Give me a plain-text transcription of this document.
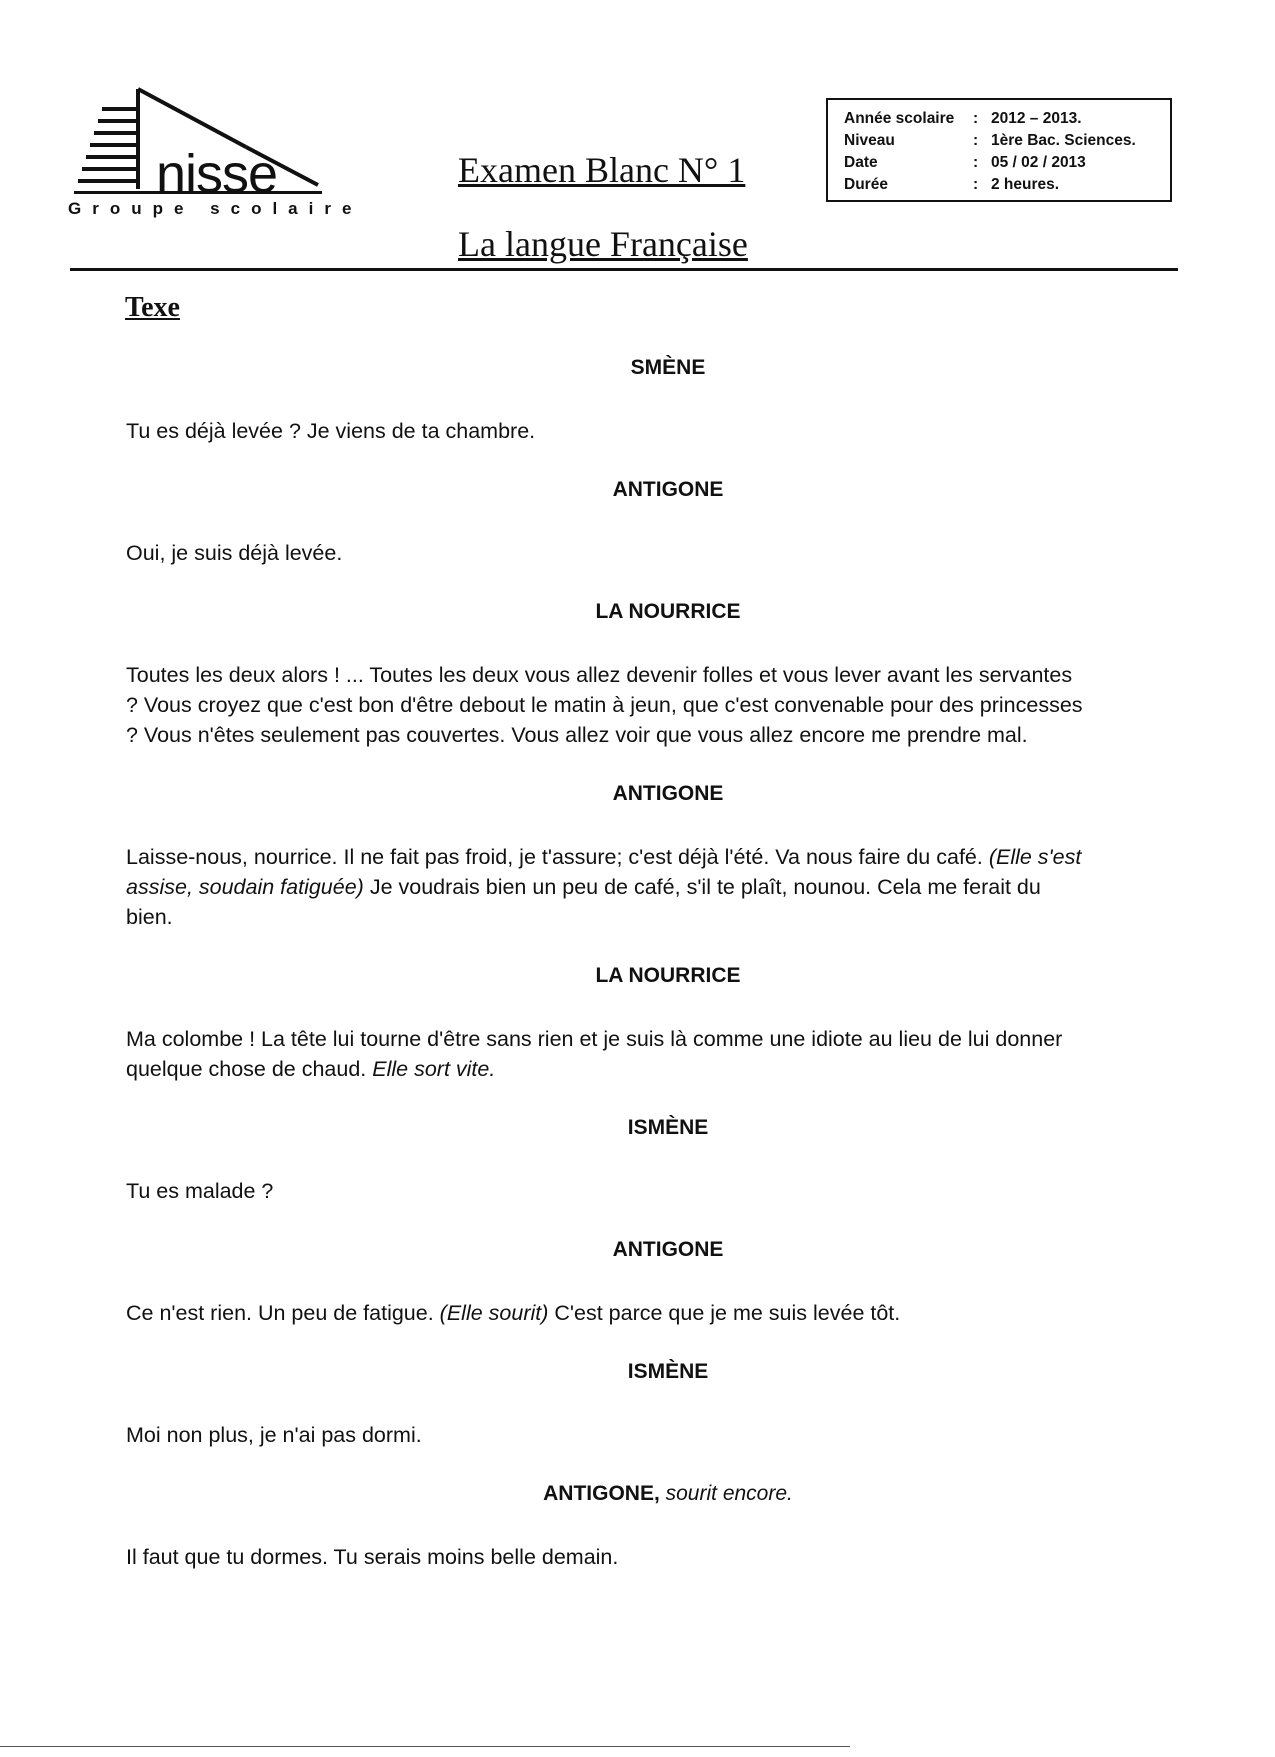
nisse
Groupe scolaire
Examen Blanc N° 1
La langue Française
Année scolaire	: 2012 – 2013.
Niveau	: 1ère Bac. Sciences.
Date	: 05 / 02 / 2013
Durée	: 2 heures.
Texe
SMÈNE

Tu es déjà levée ? Je viens de ta chambre.

ANTIGONE

Oui, je suis déjà levée.

LA NOURRICE

Toutes les deux alors ! ... Toutes les deux vous allez devenir folles et vous lever avant les servantes ? Vous croyez que c'est bon d'être debout le matin à jeun, que c'est convenable pour des princesses ? Vous n'êtes seulement pas couvertes. Vous allez voir que vous allez encore me prendre mal.

ANTIGONE

Laisse-nous, nourrice. Il ne fait pas froid, je t'assure; c'est déjà l'été. Va nous faire du café. (Elle s'est assise, soudain fatiguée) Je voudrais bien un peu de café, s'il te plaît, nounou. Cela me ferait du bien.

LA NOURRICE

Ma colombe ! La tête lui tourne d'être sans rien et je suis là comme une idiote au lieu de lui donner quelque chose de chaud. Elle sort vite.

ISMÈNE

Tu es malade ?

ANTIGONE

Ce n'est rien. Un peu de fatigue. (Elle sourit) C'est parce que je me suis levée tôt.

ISMÈNE

Moi non plus, je n'ai pas dormi.

ANTIGONE, sourit encore.

Il faut que tu dormes. Tu serais moins belle demain.
